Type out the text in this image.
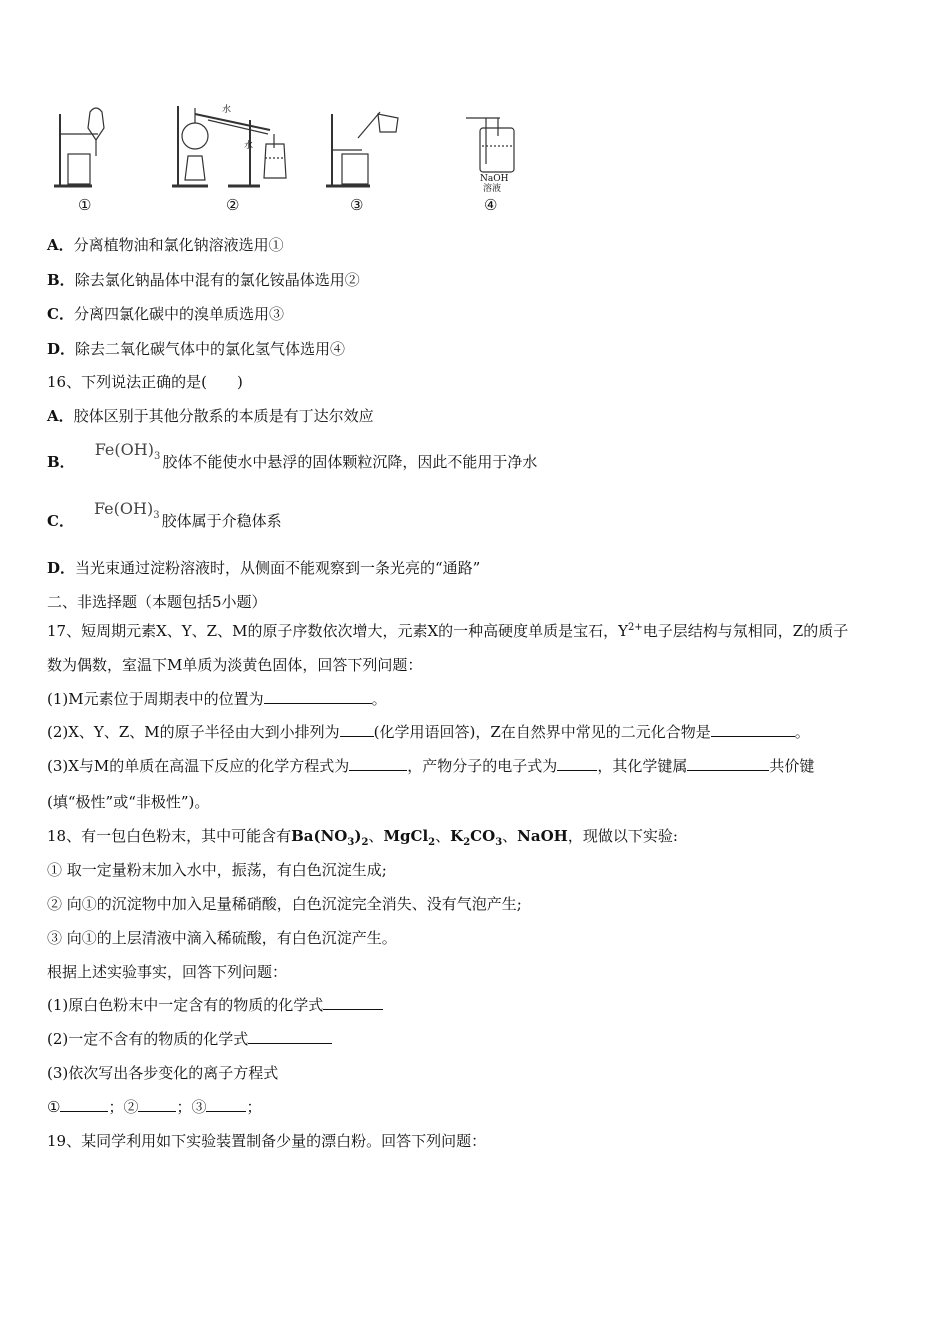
NaOH
溶液
水
水
①	②	③	④
A．分离植物油和氯化钠溶液选用①
B．除去氯化钠晶体中混有的氯化铵晶体选用②
C．分离四氯化碳中的溴单质选用③
D．除去二氧化碳气体中的氯化氢气体选用④
16、下列说法正确的是(　　)
A．胶体区别于其他分散系的本质是有丁达尔效应
B．$Fe(OH)_3$ 胶体不能使水中悬浮的固体颗粒沉降，因此不能用于净水
C．$Fe(OH)_3$ 胶体属于介稳体系
D．当光束通过淀粉溶液时，从侧面不能观察到一条光亮的“通路”
二、非选择题（本题包括5小题）
17、短周期元素X、Y、Z、M的原子序数依次增大，元素X的一种高硬度单质是宝石，$Y^{2+}$电子层结构与氖相同，Z的质子
数为偶数，室温下M单质为淡黄色固体，回答下列问题：
(1)M元素位于周期表中的位置为	。
(2)X、Y、Z、M的原子半径由大到小排列为 (化学用语回答)，Z在自然界中常见的二元化合物是	。
(3)X与M的单质在高温下反应的化学方程式为	，产物分子的电子式为	，其化学键属	共价键
(填“极性”或“非极性”)。
18、有一包白色粉末，其中可能含有$Ba(NO_3)_2$、MgCl$_2$、$K_2CO_3$、NaOH，现做以下实验:
① 取一定量粉末加入水中，振荡，有白色沉淀生成;
② 向①的沉淀物中加入足量稀硝酸，白色沉淀完全消失、没有气泡产生;
③ 向①的上层清液中滴入稀硫酸，有白色沉淀产生。
根据上述实验事实，回答下列问题：
(1)原白色粉末中一定含有的物质的化学式
(2)一定不含有的物质的化学式
(3)依次写出各步变化的离子方程式
①	；②	；③	；
19、某同学利用如下实验装置制备少量的漂白粉。回答下列问题：
